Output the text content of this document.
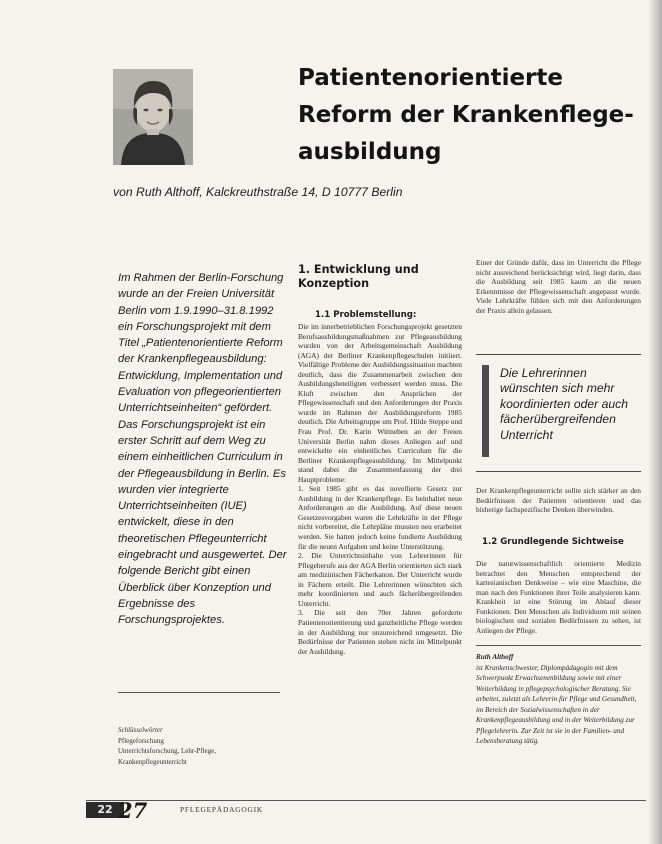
Patientenorientierte
Reform der Krankenflege-
ausbildung

von Ruth Althoff, Kalckreuthstraße 14, D 10777 Berlin

Im Rahmen der Berlin-Forschung wurde an der Freien Universität Berlin vom 1.9.1990–31.8.1992 ein Forschungsprojekt mit dem Titel „Patientenorientierte Reform der Krankenpflegeausbildung: Entwicklung, Implementation und Evaluation von pflegeorientierten Unterrichtseinheiten“ gefördert. Das Forschungsprojekt ist ein erster Schritt auf dem Weg zu einem einheitlichen Curriculum in der Pflegeausbildung in Berlin. Es wurden vier integrierte Unterrichtseinheiten (IUE) entwickelt, diese in den theoretischen Pflegeunterricht eingebracht und ausgewertet. Der folgende Bericht gibt einen Überblick über Konzeption und Ergebnisse des Forschungsprojektes.

Schlüsselwörter

Pflegeforschung

Unterrichtsforschung, Lehr-Pflege,

Krankenpflegeunterricht

1. Entwicklung und Konzeption
1.1 Problemstellung:

Die im innerbetrieblichen Forschungsprojekt gesetzten Berufsausbildungsmaßnahmen zur Pflegeausbildung wurden von der Arbeitsgemeinschaft Ausbildung (AGA) der Berliner Krankenpflegeschulen initiiert. Vielfältige Probleme der Ausbildungssituation machten deutlich, dass die Zusammenarbeit zwischen den Ausbildungsbeteiligten verbessert werden muss. Die Kluft zwischen den Ansprüchen der Pflegewissenschaft und den Anforderungen der Praxis wurde im Rahmen der Ausbildungsreform 1985 deutlich. Die Arbeitsgruppe um Prof. Hilde Steppe und Frau Prof. Dr. Karin Wittneben an der Freien Universität Berlin nahm dieses Anliegen auf und entwickelte ein einheitliches Curriculum für die Berliner Krankenpflegeausbildung. Im Mittelpunkt stand dabei die Zusammenfassung der drei Hauptprobleme:

1. Seit 1985 gibt es das novellierte Gesetz zur Ausbildung in der Krankenpflege. Es beinhaltet neue Anforderungen an die Ausbildung. Auf diese neuen Gesetzesvorgaben waren die Lehrkräfte in der Pflege nicht vorbereitet, die Lehrpläne mussten neu erarbeitet werden. Sie hatten jedoch keine fundierte Ausbildung für die neuen Aufgaben und keine Unterstützung.

2. Die Unterrichtsinhalte von Lehrerinnen für Pflegeberufe aus der AGA Berlin orientierten sich stark am medizinischen Fächerkanon. Der Unterricht wurde in Fächern erteilt. Die Lehrerinnen wünschten sich mehr koordinierten und auch fächerübergreifenden Unterricht.

3. Die seit den 70er Jahren geforderte Patientenorientierung und ganzheitliche Pflege werden in der Ausbildung nur unzureichend umgesetzt. Die Bedürfnisse der Patienten stehen nicht im Mittelpunkt der Ausbildung.

Einer der Gründe dafür, dass im Unterricht die Pflege nicht ausreichend berücksichtigt wird, liegt darin, dass die Ausbildung seit 1985 kaum an die neuen Erkenntnisse der Pflegewissenschaft angepasst wurde. Viele Lehrkräfte fühlen sich mit den Anforderungen der Praxis allein gelassen.

Die Lehrerinnen wünschten sich mehr koordinierten oder auch fächerübergreifenden Unterricht

Der Krankenpflegeunterricht sollte sich stärker an den Bedürfnissen der Patienten orientieren und das bisherige fachspezifische Denken überwinden.

1.2 Grundlegende Sichtweise

Die naturwissenschaftlich orientierte Medizin betrachtet den Menschen entsprechend der kartesianischen Denkweise – wie eine Maschine, die man nach den Funktionen ihrer Teile analysieren kann. Krankheit ist eine Störung im Ablauf dieser Funktionen. Den Menschen als Individuum mit seinen biologischen und sozialen Bedürfnissen zu sehen, ist Anliegen der Pflege.

Ruth Althoff

ist Krankenschwester, Diplompädagogin mit dem Schwerpunkt Erwachsenenbildung sowie mit einer Weiterbildung in pflegepsychologischer Beratung. Sie arbeitet, zuletzt als Lehrerin für Pflege und Gesundheit, im Bereich der Sozialwissenschaften in der Krankenpflegeausbildung und in der Weiterbildung zur Pflegelehrerin. Zur Zeit ist sie in der Familien- und Lebensberatung tätig.

22 27	PFLEGEPÄDAGOGIK
